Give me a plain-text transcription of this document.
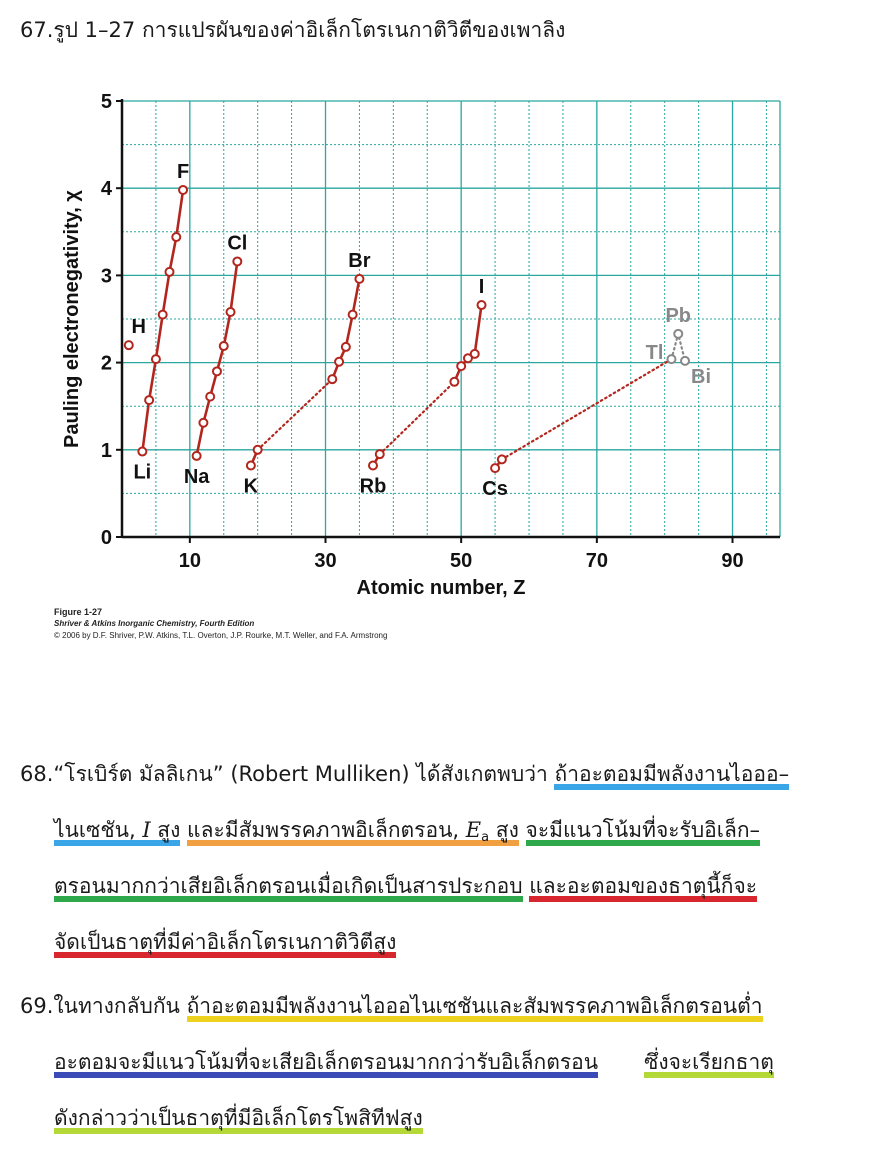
67.รูป 1–27 การแปรผันของค่าอิเล็กโตรเนกาติวิตีของเพาลิง
0
1
2
3
4
5
10	30	50	70	90
Atomic number, Z
Pauling electronegativity, χ H
F
Li
Cl
Na K
Br
Rb
I
Cs
Tl
Pb
Bi
Figure 1-27
Shriver & Atkins Inorganic Chemistry, Fourth Edition
© 2006 by D.F. Shriver, P.W. Atkins, T.L. Overton, J.P. Rourke, M.T. Weller, and F.A. Armstrong
68.“โรเบิร์ต มัลลิเกน” (Robert Mulliken) ได้สังเกตพบว่า ถ้าอะตอมมีพลังงานไอออ–
ไนเซชัน, I สูง และมีสัมพรรคภาพอิเล็กตรอน, $E_a$ สูง จะมีแนวโน้มที่จะรับอิเล็ก–
ตรอนมากกว่าเสียอิเล็กตรอนเมื่อเกิดเป็นสารประกอบ และอะตอมของธาตุนี้ก็จะ
จัดเป็นธาตุที่มีค่าอิเล็กโตรเนกาติวิตีสูง
69.ในทางกลับกัน ถ้าอะตอมมีพลังงานไอออไนเซชันและสัมพรรคภาพอิเล็กตรอนต่ำ
อะตอมจะมีแนวโน้มที่จะเสียอิเล็กตรอนมากกว่ารับอิเล็กตรอน ซึ่งจะเรียกธาตุ
ดังกล่าวว่าเป็นธาตุที่มีอิเล็กโตรโพสิทีฟสูง
